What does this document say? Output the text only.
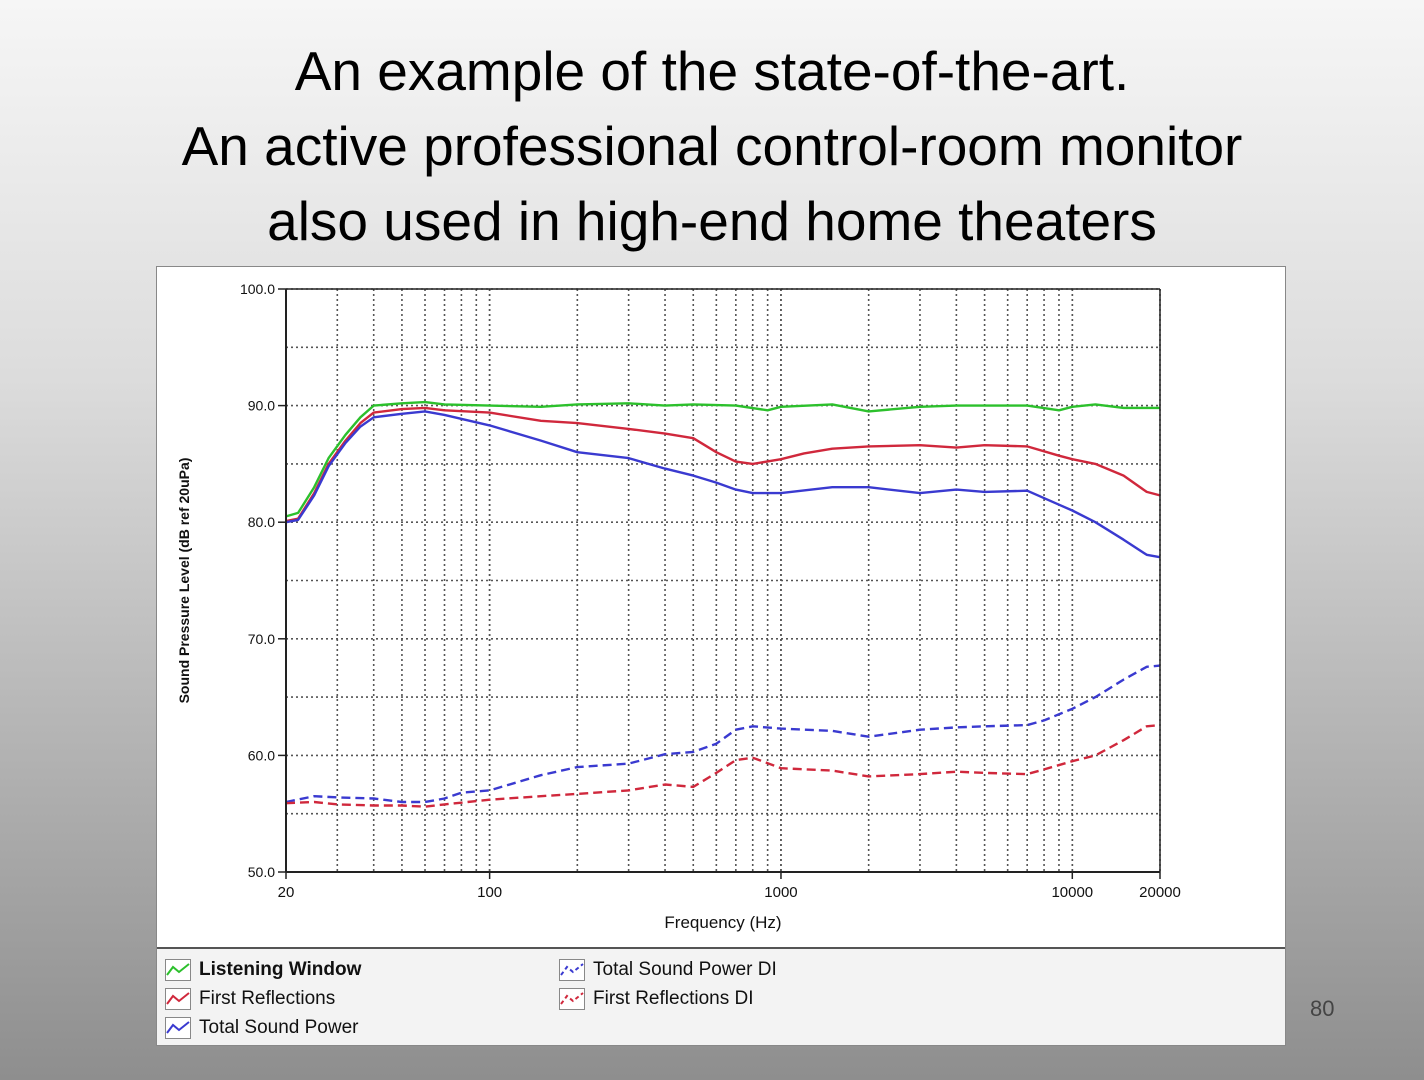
An example of the state-of-the-art.
An active professional control-room monitor
also used in high-end home theaters
50.0
60.0
70.0
80.0
90.0
100.0
20	100	1000	10000	20000
Frequency (Hz)
Sound Pressure Level (dB ref 20uPa)
Listening Window
First Reflections
Total Sound Power
Total Sound Power DI
First Reflections DI	80
